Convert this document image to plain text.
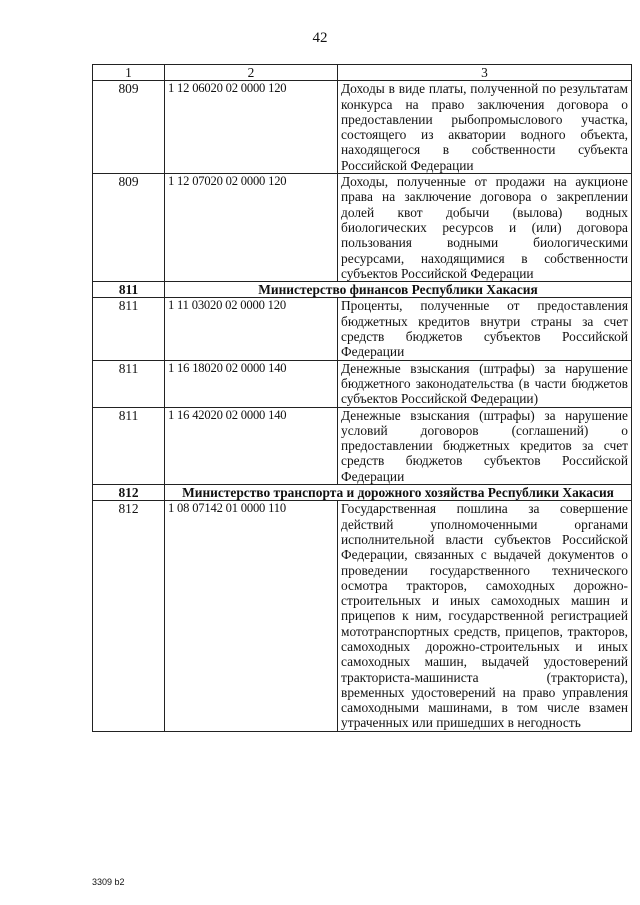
42
1	2	3
809	1 12 06020 02 0000 120	Доходы в виде платы, полученной по результатам конкурса на право заключения договора о предоставлении рыбопромыслового участка, состоящего из акватории водного объекта, находящегося в собственности субъекта Российской Федерации
809	1 12 07020 02 0000 120	Доходы, полученные от продажи на аукционе права на заключение договора о закреплении долей квот добычи (вылова) водных биологических ресурсов и (или) договора пользования водными биологическими ресурсами, находящимися в собственности субъектов Российской Федерации
811	Министерство финансов Республики Хакасия	
811	1 11 03020 02 0000 120	Проценты, полученные от предоставления бюджетных кредитов внутри страны за счет средств бюджетов субъектов Российской Федерации
811	1 16 18020 02 0000 140	Денежные взыскания (штрафы) за нарушение бюджетного законодательства (в части бюджетов субъектов Российской Федерации)
811	1 16 42020 02 0000 140	Денежные взыскания (штрафы) за нарушение условий договоров (соглашений) о предоставлении бюджетных кредитов за счет средств бюджетов субъектов Российской Федерации
812	Министерство транспорта и дорожного хозяйства Республики Хакасия	
812	1 08 07142 01 0000 110	Государственная пошлина за совершение действий уполномоченными органами исполнительной власти субъектов Российской Федерации, связанных с выдачей документов о проведении государственного технического осмотра тракторов, самоходных дорожно-строительных и иных самоходных машин и прицепов к ним, государственной регистрацией мототранспортных средств, прицепов, тракторов, самоходных дорожно-строительных и иных самоходных машин, выдачей удостоверений тракториста-машиниста (тракториста), временных удостоверений на право управления самоходными машинами, в том числе взамен утраченных или пришедших в негодность
3309 b2
